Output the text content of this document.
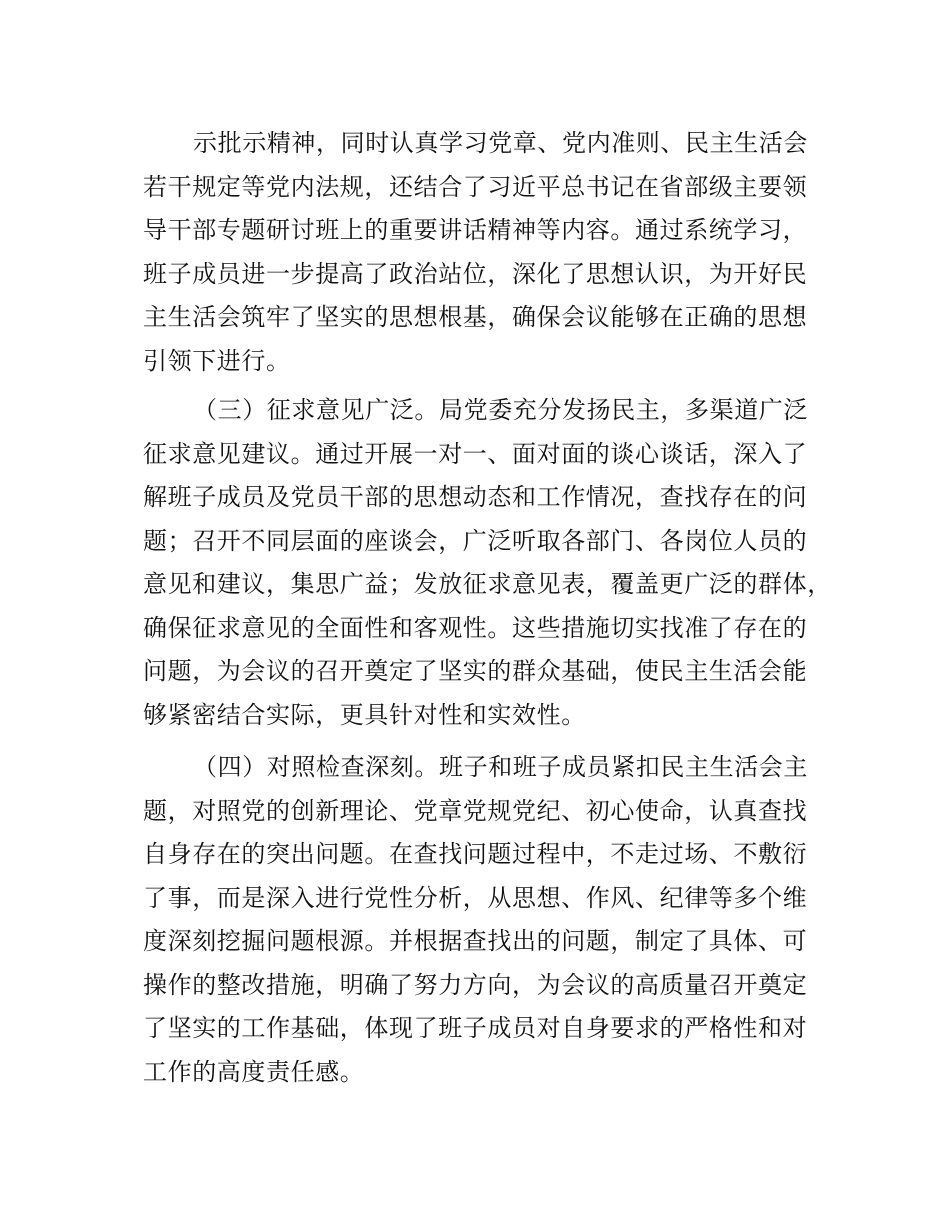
示批示精神，同时认真学习党章、党内准则、民主生活会
若干规定等党内法规，还结合了习近平总书记在省部级主要领
导干部专题研讨班上的重要讲话精神等内容。通过系统学习，
班子成员进一步提高了政治站位，深化了思想认识，为开好民
主生活会筑牢了坚实的思想根基，确保会议能够在正确的思想
引领下进行。
（三）征求意见广泛。局党委充分发扬民主，多渠道广泛
征求意见建议。通过开展一对一、面对面的谈心谈话，深入了
解班子成员及党员干部的思想动态和工作情况，查找存在的问
题；召开不同层面的座谈会，广泛听取各部门、各岗位人员的
意见和建议，集思广益；发放征求意见表，覆盖更广泛的群体，
确保征求意见的全面性和客观性。这些措施切实找准了存在的
问题，为会议的召开奠定了坚实的群众基础，使民主生活会能
够紧密结合实际，更具针对性和实效性。
（四）对照检查深刻。班子和班子成员紧扣民主生活会主
题，对照党的创新理论、党章党规党纪、初心使命，认真查找
自身存在的突出问题。在查找问题过程中，不走过场、不敷衍
了事，而是深入进行党性分析，从思想、作风、纪律等多个维
度深刻挖掘问题根源。并根据查找出的问题，制定了具体、可
操作的整改措施，明确了努力方向，为会议的高质量召开奠定
了坚实的工作基础，体现了班子成员对自身要求的严格性和对
工作的高度责任感。
